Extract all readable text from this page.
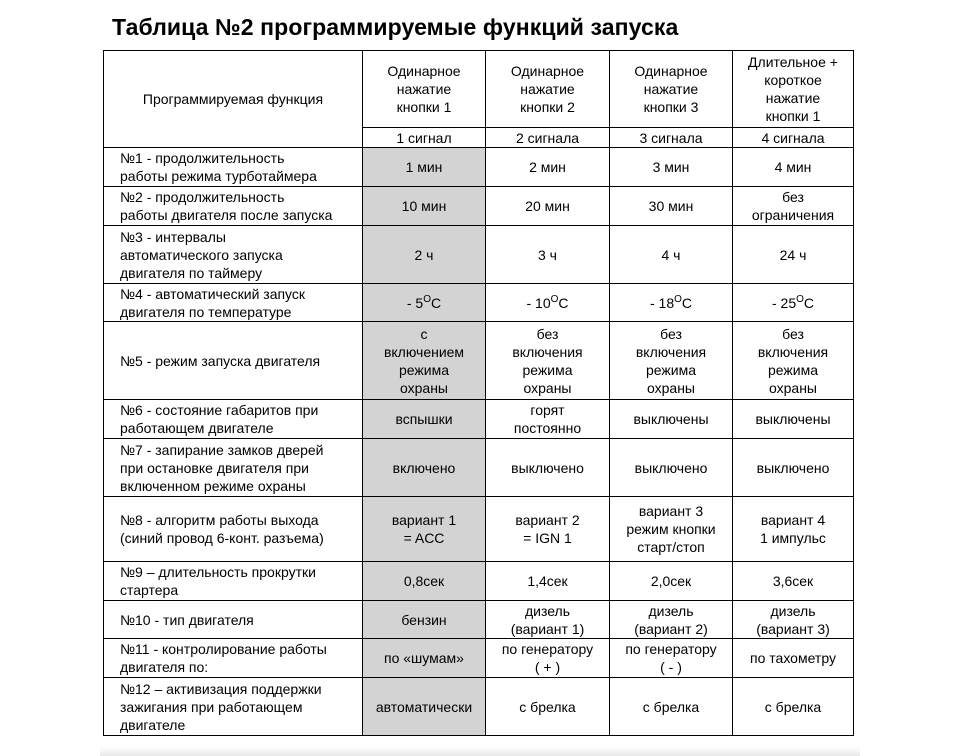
Таблица №2 программируемые функций запуска
Программируемая функция	Одинарное
нажатие
кнопки 1	Одинарное
нажатие
кнопки 2	Одинарное
нажатие
кнопки 3	Длительное +
короткое
нажатие
кнопки 1

	1 сигнал	2 сигнала	3 сигнала	4 сигнала

№1 - продолжительность
работы режима турботаймера	1 мин	2 мин	3 мин	4 мин

№2 - продолжительность
работы двигателя после запуска	10 мин	20 мин	30 мин	без
ограничения

№3 - интервалы
автоматического запуска
двигателя по таймеру	2 ч	3 ч	4 ч	24 ч

№4 - автоматический запуск
двигателя по температуре	- $5^OC$	- $10^OC$	- $18^OC$	- $25^OC$

№5 - режим запуска двигателя	с
включением
режима
охраны	без
включения
режима
охраны	без
включения
режима
охраны	без
включения
режима
охраны

№6 - состояние габаритов при
работающем двигателе	вспышки	горят
постоянно	выключены	выключены

№7 - запирание замков дверей
при остановке двигателя при
включенном режиме охраны	включено	выключено	выключено	выключено

№8 - алгоритм работы выхода
(синий провод 6-конт. разъема)	вариант 1
= ACC	вариант 2
= IGN 1	вариант 3
режим кнопки
старт/стоп	вариант 4
1 импульс

№9 – длительность прокрутки
стартера	0,8сек	1,4сек	2,0сек	3,6сек

№10 - тип двигателя	бензин	дизель
(вариант 1)	дизель
(вариант 2)	дизель
(вариант 3)

№11 - контролирование работы
двигателя по:	по «шумам»	по генератору
( + )	по генератору
( - )	по тахометру

№12 – активизация поддержки
зажигания при работающем
двигателе	автоматически	с брелка	с брелка	с брелка
